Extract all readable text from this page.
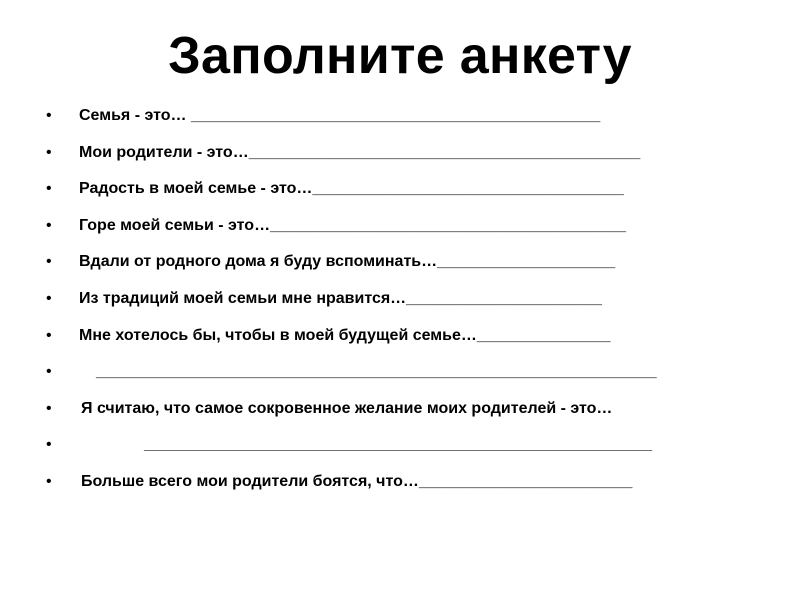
Заполните анкету
• Семья - это… ______________________________________________
• Мои родители - это…____________________________________________
• Радость в моей семье - это…___________________________________
• Горе моей семьи - это…________________________________________
• Вдали от родного дома я буду вспоминать…____________________
• Из традиций моей семьи мне нравится…______________________
• Мне хотелось бы, чтобы в моей будущей семье…_______________
•	_______________________________________________________________
• Я считаю, что самое сокровенное желание моих родителей - это…
•	_______________________________________________________________
• Больше всего мои родители боятся, что…________________________
